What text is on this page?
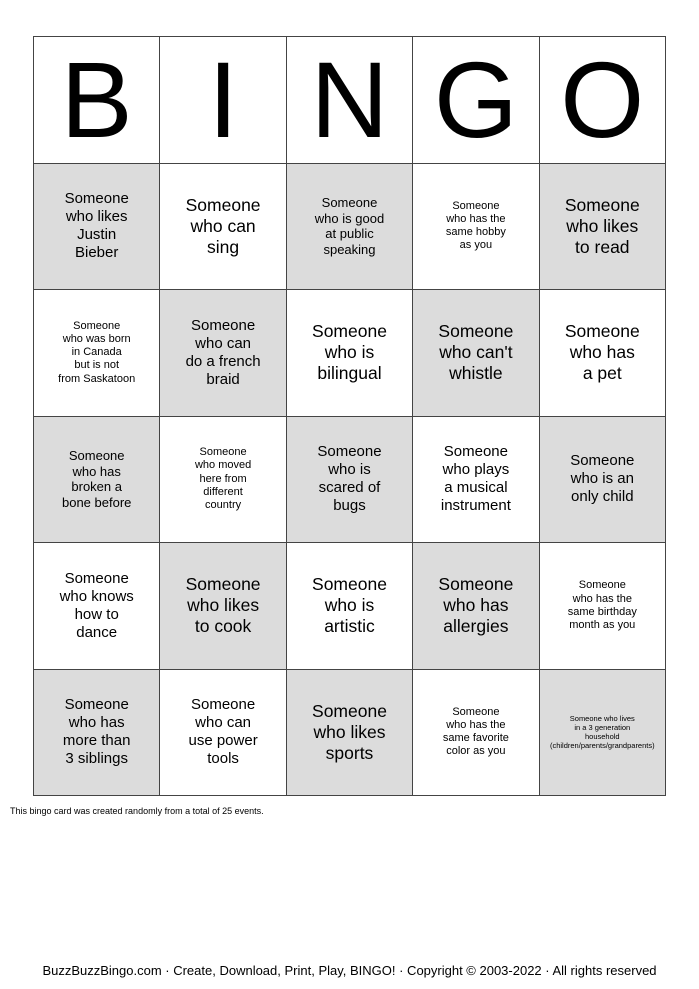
B I N G O
Someone
who likes
Justin
Bieber
Someone
who can
sing
Someone
who is good
at public
speaking
Someone
who has the
same hobby
as you
Someone
who likes
to read
Someone
who was born
in Canada
but is not
from Saskatoon
Someone
who can
do a french
braid
Someone
who is
bilingual
Someone
who can't
whistle
Someone
who has
a pet
Someone
who has
broken a
bone before
Someone
who moved
here from
different
country
Someone
who is
scared of
bugs
Someone
who plays
a musical
instrument
Someone
who is an
only child
Someone
who knows
how to
dance
Someone
who likes
to cook
Someone
who is
artistic
Someone
who has
allergies
Someone
who has the
same birthday
month as you
Someone
who has
more than
3 siblings
Someone
who can
use power
tools
Someone
who likes
sports
Someone
who has the
same favorite
color as you
Someone who lives
in a 3 generation
household
(children/parents/grandparents)
This bingo card was created randomly from a total of 25 events.
BuzzBuzzBingo.com · Create, Download, Print, Play, BINGO! · Copyright © 2003-2022 · All rights reserved
